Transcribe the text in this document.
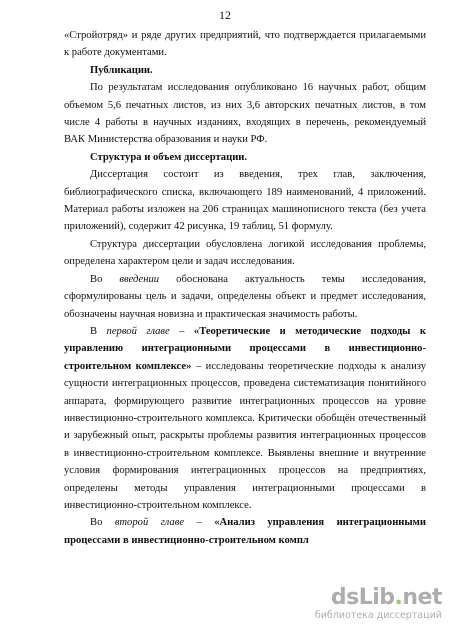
12

«Стройотряд» и ряде других предприятий, что подтверждается прилагаемыми к работе документами.

Публикации.

По результатам исследования опубликовано 16 научных работ, общим объемом 5,6 печатных листов, из них 3,6 авторских печатных листов, в том числе 4 работы в научных изданиях, входящих в перечень, рекомендуемый ВАК Министерства образования и науки РФ.

Структура и объем диссертации.

Диссертация состоит из введения, трех глав, заключения, библиографического списка, включающего 189 наименований, 4 приложений. Материал работы изложен на 206 страницах машинописного текста (без учета приложений), содержит 42 рисунка, 19 таблиц, 51 формулу.

Структура диссертации обусловлена логикой исследования проблемы, определена характером цели и задач исследования.

Во введении обоснована актуальность темы исследования, сформулированы цель и задачи, определены объект и предмет исследования, обозначены научная новизна и практическая значимость работы.

В первой главе – «Теоретические и методические подходы к управлению интеграционными процессами в инвестиционно-строительном комплексе» – исследованы теоретические подходы к анализу сущности интеграционных процессов, проведена систематизация понятийного аппарата, формирующего развитие интеграционных процессов на уровне инвестиционно-строительного комплекса. Критически обобщён отечественный и зарубежный опыт, раскрыты проблемы развития интеграционных процессов в инвестиционно-строительном комплексе. Выявлены внешние и внутренние условия формирования интеграционных процессов на предприятиях, определены методы управления интеграционными процессами в инвестиционно-строительном комплексе.

Во второй главе – «Анализ управления интеграционными процессами в инвестиционно-строительном компл

dsLib.net
библиотека диссертаций
